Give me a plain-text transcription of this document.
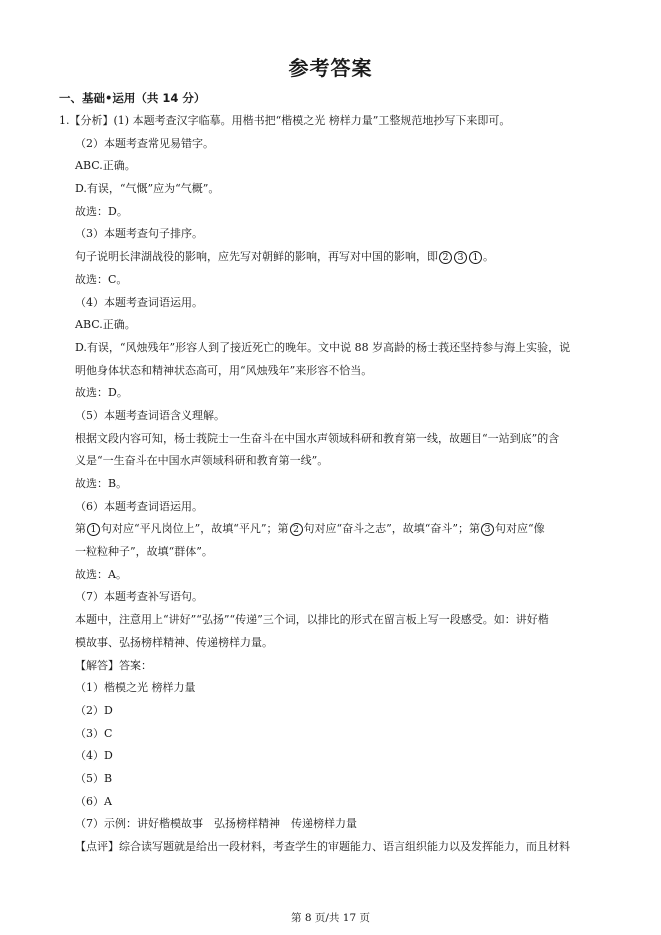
参考答案
一、基础•运用（共 14 分）
1.【分析】(1) 本题考查汉字临摹。用楷书把“楷模之光 榜样力量”工整规范地抄写下来即可。
（2）本题考查常见易错字。
ABC.正确。
D.有误，“气慨”应为“气概”。
故选：D。
（3）本题考查句子排序。
句子说明长津湖战役的影响，应先写对朝鲜的影响，再写对中国的影响，即 2 3 1 。
故选：C。
（4）本题考查词语运用。
ABC.正确。
D.有误，“风烛残年”形容人到了接近死亡的晚年。文中说 88 岁高龄的杨士莪还坚持参与海上实验，说
明他身体状态和精神状态高可，用“风烛残年”来形容不恰当。
故选：D。
（5）本题考查词语含义理解。
根据文段内容可知，杨士莪院士一生奋斗在中国水声领域科研和教育第一线，故题目“一站到底”的含
义是“一生奋斗在中国水声领域科研和教育第一线”。
故选：B。
（6）本题考查词语运用。
第 1 句对应“平凡岗位上”，故填“平凡”；第 2 句对应“奋斗之志”，故填“奋斗”；第 3 句对应“像
一粒粒种子”，故填“群体”。
故选：A。
（7）本题考查补写语句。
本题中，注意用上“讲好”“弘扬”“传递”三个词，以排比的形式在留言板上写一段感受。如：讲好楷
模故事、弘扬榜样精神、传递榜样力量。
【解答】答案：
（1）楷模之光 榜样力量
（2）D
（3）C
（4）D
（5）B
（6）A
（7）示例：讲好楷模故事　弘扬榜样精神　传递榜样力量
【点评】综合读写题就是给出一段材料，考查学生的审题能力、语言组织能力以及发挥能力，而且材料
第 8 页/共 17 页
